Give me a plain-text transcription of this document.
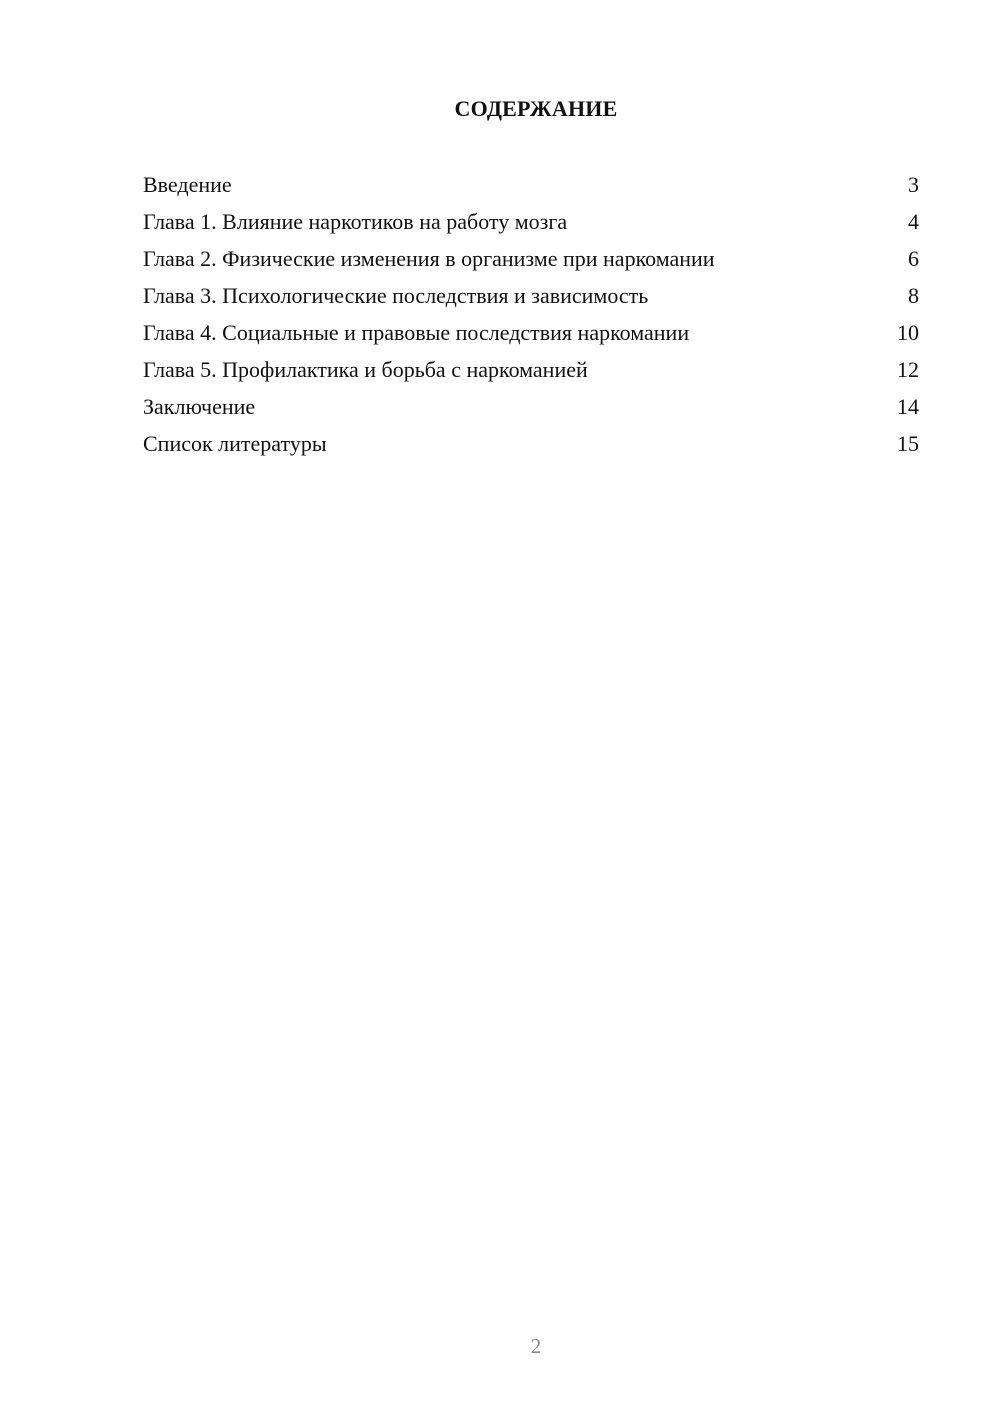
СОДЕРЖАНИЕ
Введение	3
Глава 1. Влияние наркотиков на работу мозга	4
Глава 2. Физические изменения в организме при наркомании	6
Глава 3. Психологические последствия и зависимость	8
Глава 4. Социальные и правовые последствия наркомании	10
Глава 5. Профилактика и борьба с наркоманией	12
Заключение	14
Список литературы	15
2
